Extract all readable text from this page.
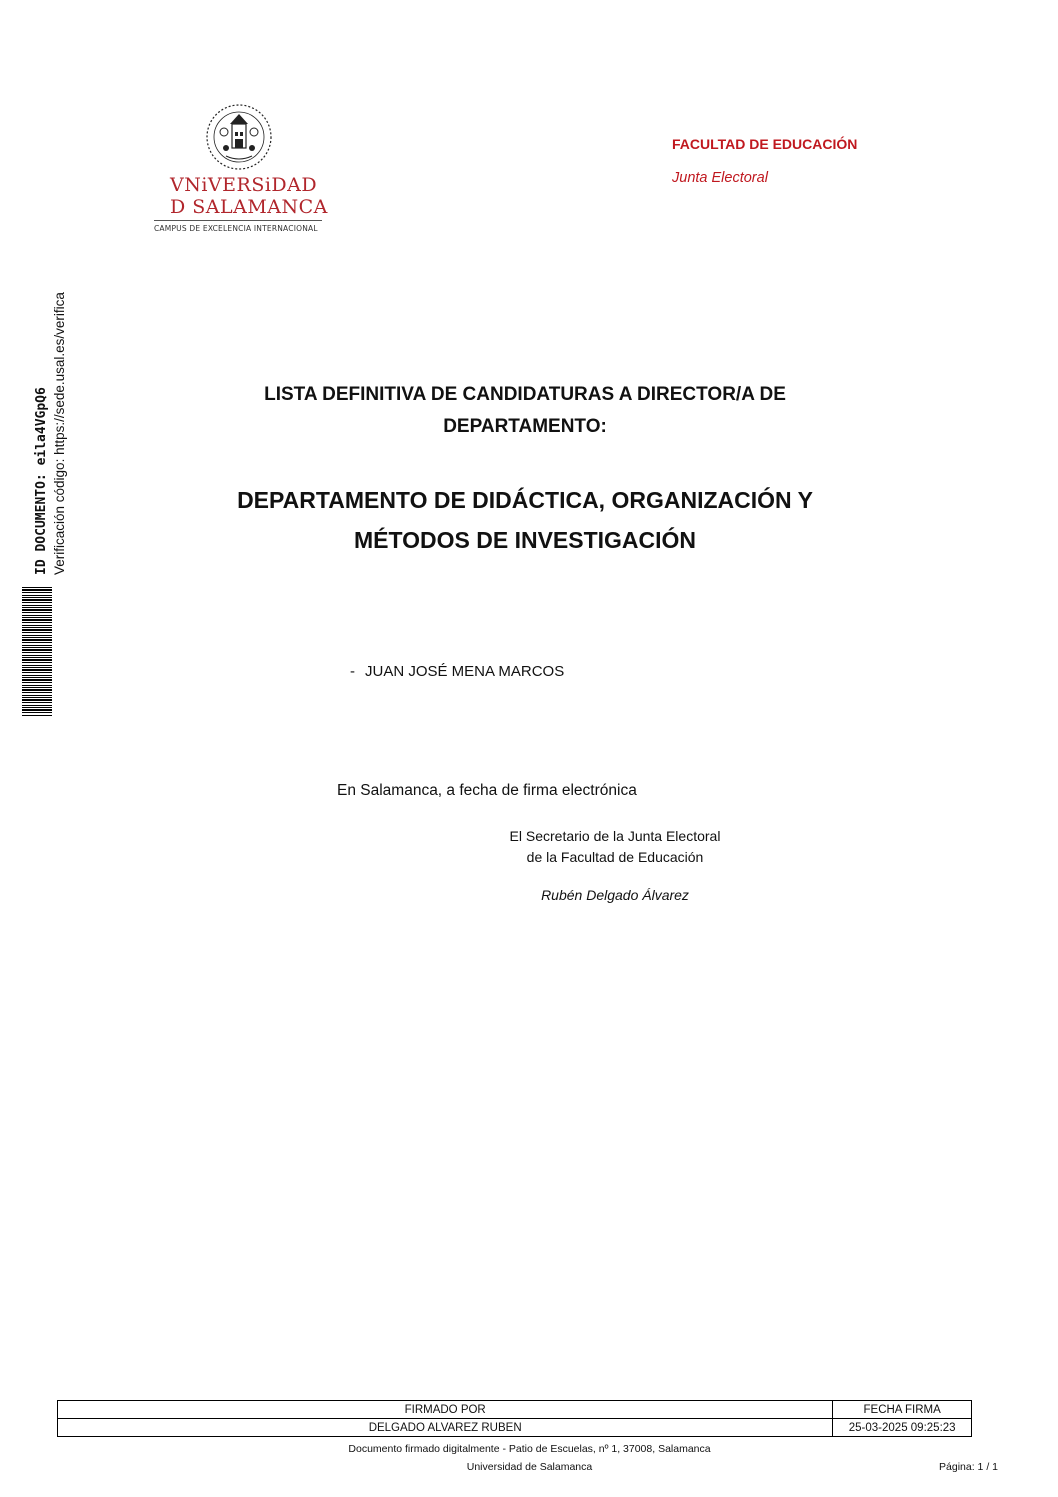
VNiVERSiDAD
D SALAMANCA
CAMPUS DE EXCELENCIA INTERNACIONAL
FACULTAD DE EDUCACIÓN
Junta Electoral
ID DOCUMENTO: eila4VGpQ6 Verificación código: https://sede.usal.es/verifica	LISTA DEFINITIVA DE CANDIDATURAS A DIRECTOR/A DE
DEPARTAMENTO:
DEPARTAMENTO DE DIDÁCTICA, ORGANIZACIÓN Y
MÉTODOS DE INVESTIGACIÓN
- JUAN JOSÉ MENA MARCOS
En Salamanca, a fecha de firma electrónica
El Secretario de la Junta Electoral
de la Facultad de Educación
Rubén Delgado Álvarez
FIRMADO POR	FECHA FIRMA
DELGADO ALVAREZ RUBEN	25-03-2025 09:25:23
Documento firmado digitalmente - Patio de Escuelas, nº 1, 37008, Salamanca
Universidad de Salamanca	Página: 1 / 1
